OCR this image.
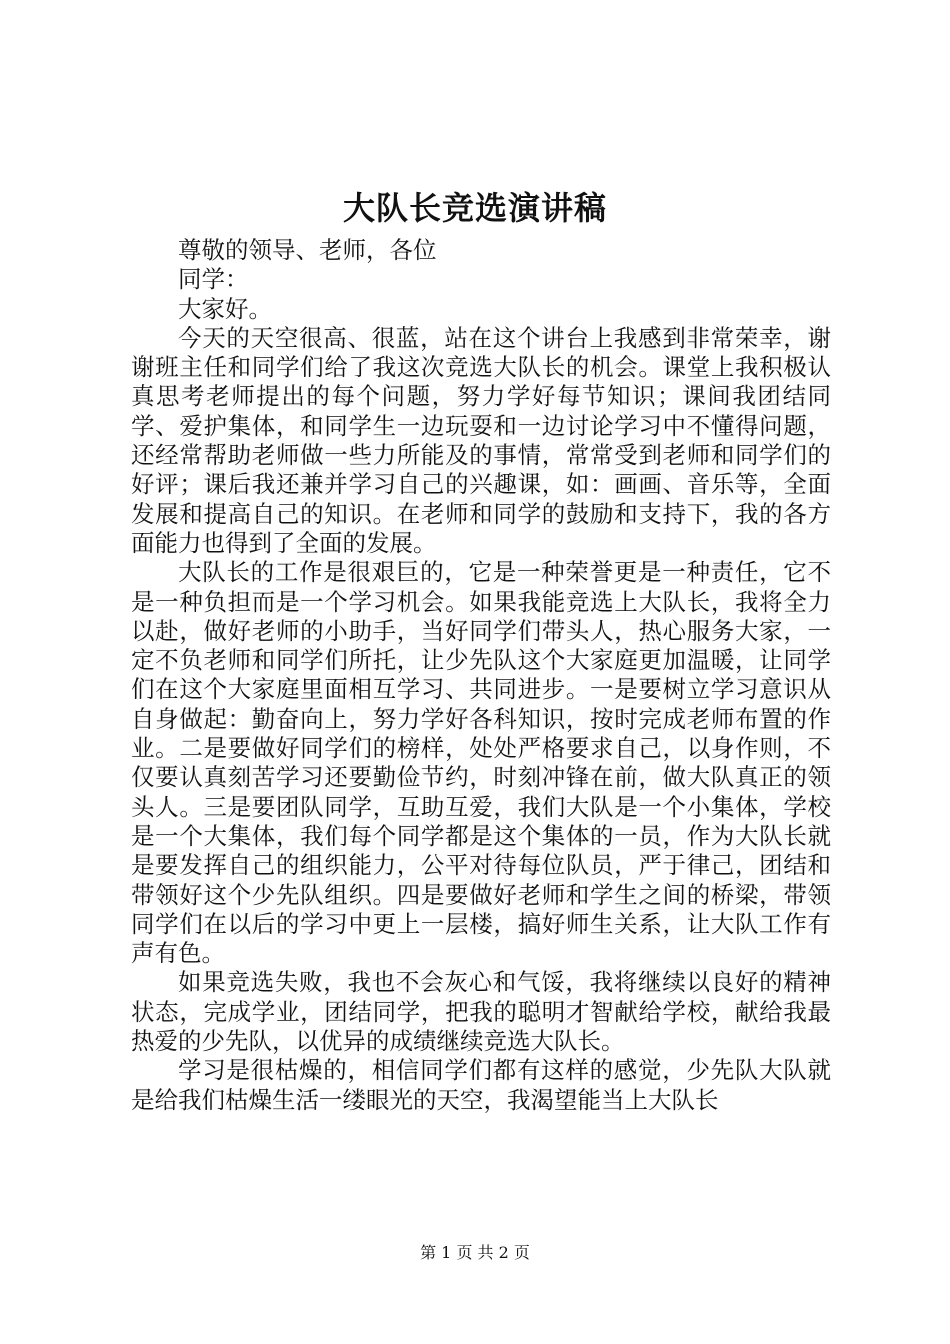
大队长竞选演讲稿

尊敬的领导、老师，各位

同学：

大家好。

今天的天空很高、很蓝，站在这个讲台上我感到非常荣幸，谢谢班主任和同学们给了我这次竞选大队长的机会。课堂上我积极认真思考老师提出的每个问题，努力学好每节知识；课间我团结同学、爱护集体，和同学生一边玩耍和一边讨论学习中不懂得问题，还经常帮助老师做一些力所能及的事情，常常受到老师和同学们的好评；课后我还兼并学习自己的兴趣课，如：画画、音乐等，全面发展和提高自己的知识。在老师和同学的鼓励和支持下，我的各方面能力也得到了全面的发展。

大队长的工作是很艰巨的，它是一种荣誉更是一种责任，它不是一种负担而是一个学习机会。如果我能竞选上大队长，我将全力以赴，做好老师的小助手，当好同学们带头人，热心服务大家，一定不负老师和同学们所托，让少先队这个大家庭更加温暖，让同学们在这个大家庭里面相互学习、共同进步。一是要树立学习意识从自身做起：勤奋向上，努力学好各科知识，按时完成老师布置的作业。二是要做好同学们的榜样，处处严格要求自己，以身作则，不仅要认真刻苦学习还要勤俭节约，时刻冲锋在前，做大队真正的领头人。三是要团队同学，互助互爱，我们大队是一个小集体，学校是一个大集体，我们每个同学都是这个集体的一员，作为大队长就是要发挥自己的组织能力，公平对待每位队员，严于律己，团结和带领好这个少先队组织。四是要做好老师和学生之间的桥梁，带领同学们在以后的学习中更上一层楼，搞好师生关系，让大队工作有声有色。

如果竞选失败，我也不会灰心和气馁，我将继续以良好的精神状态，完成学业，团结同学，把我的聪明才智献给学校，献给我最热爱的少先队，以优异的成绩继续竞选大队长。

学习是很枯燥的，相信同学们都有这样的感觉，少先队大队就是给我们枯燥生活一缕眼光的天空，我渴望能当上大队长

第 1 页 共 2 页
